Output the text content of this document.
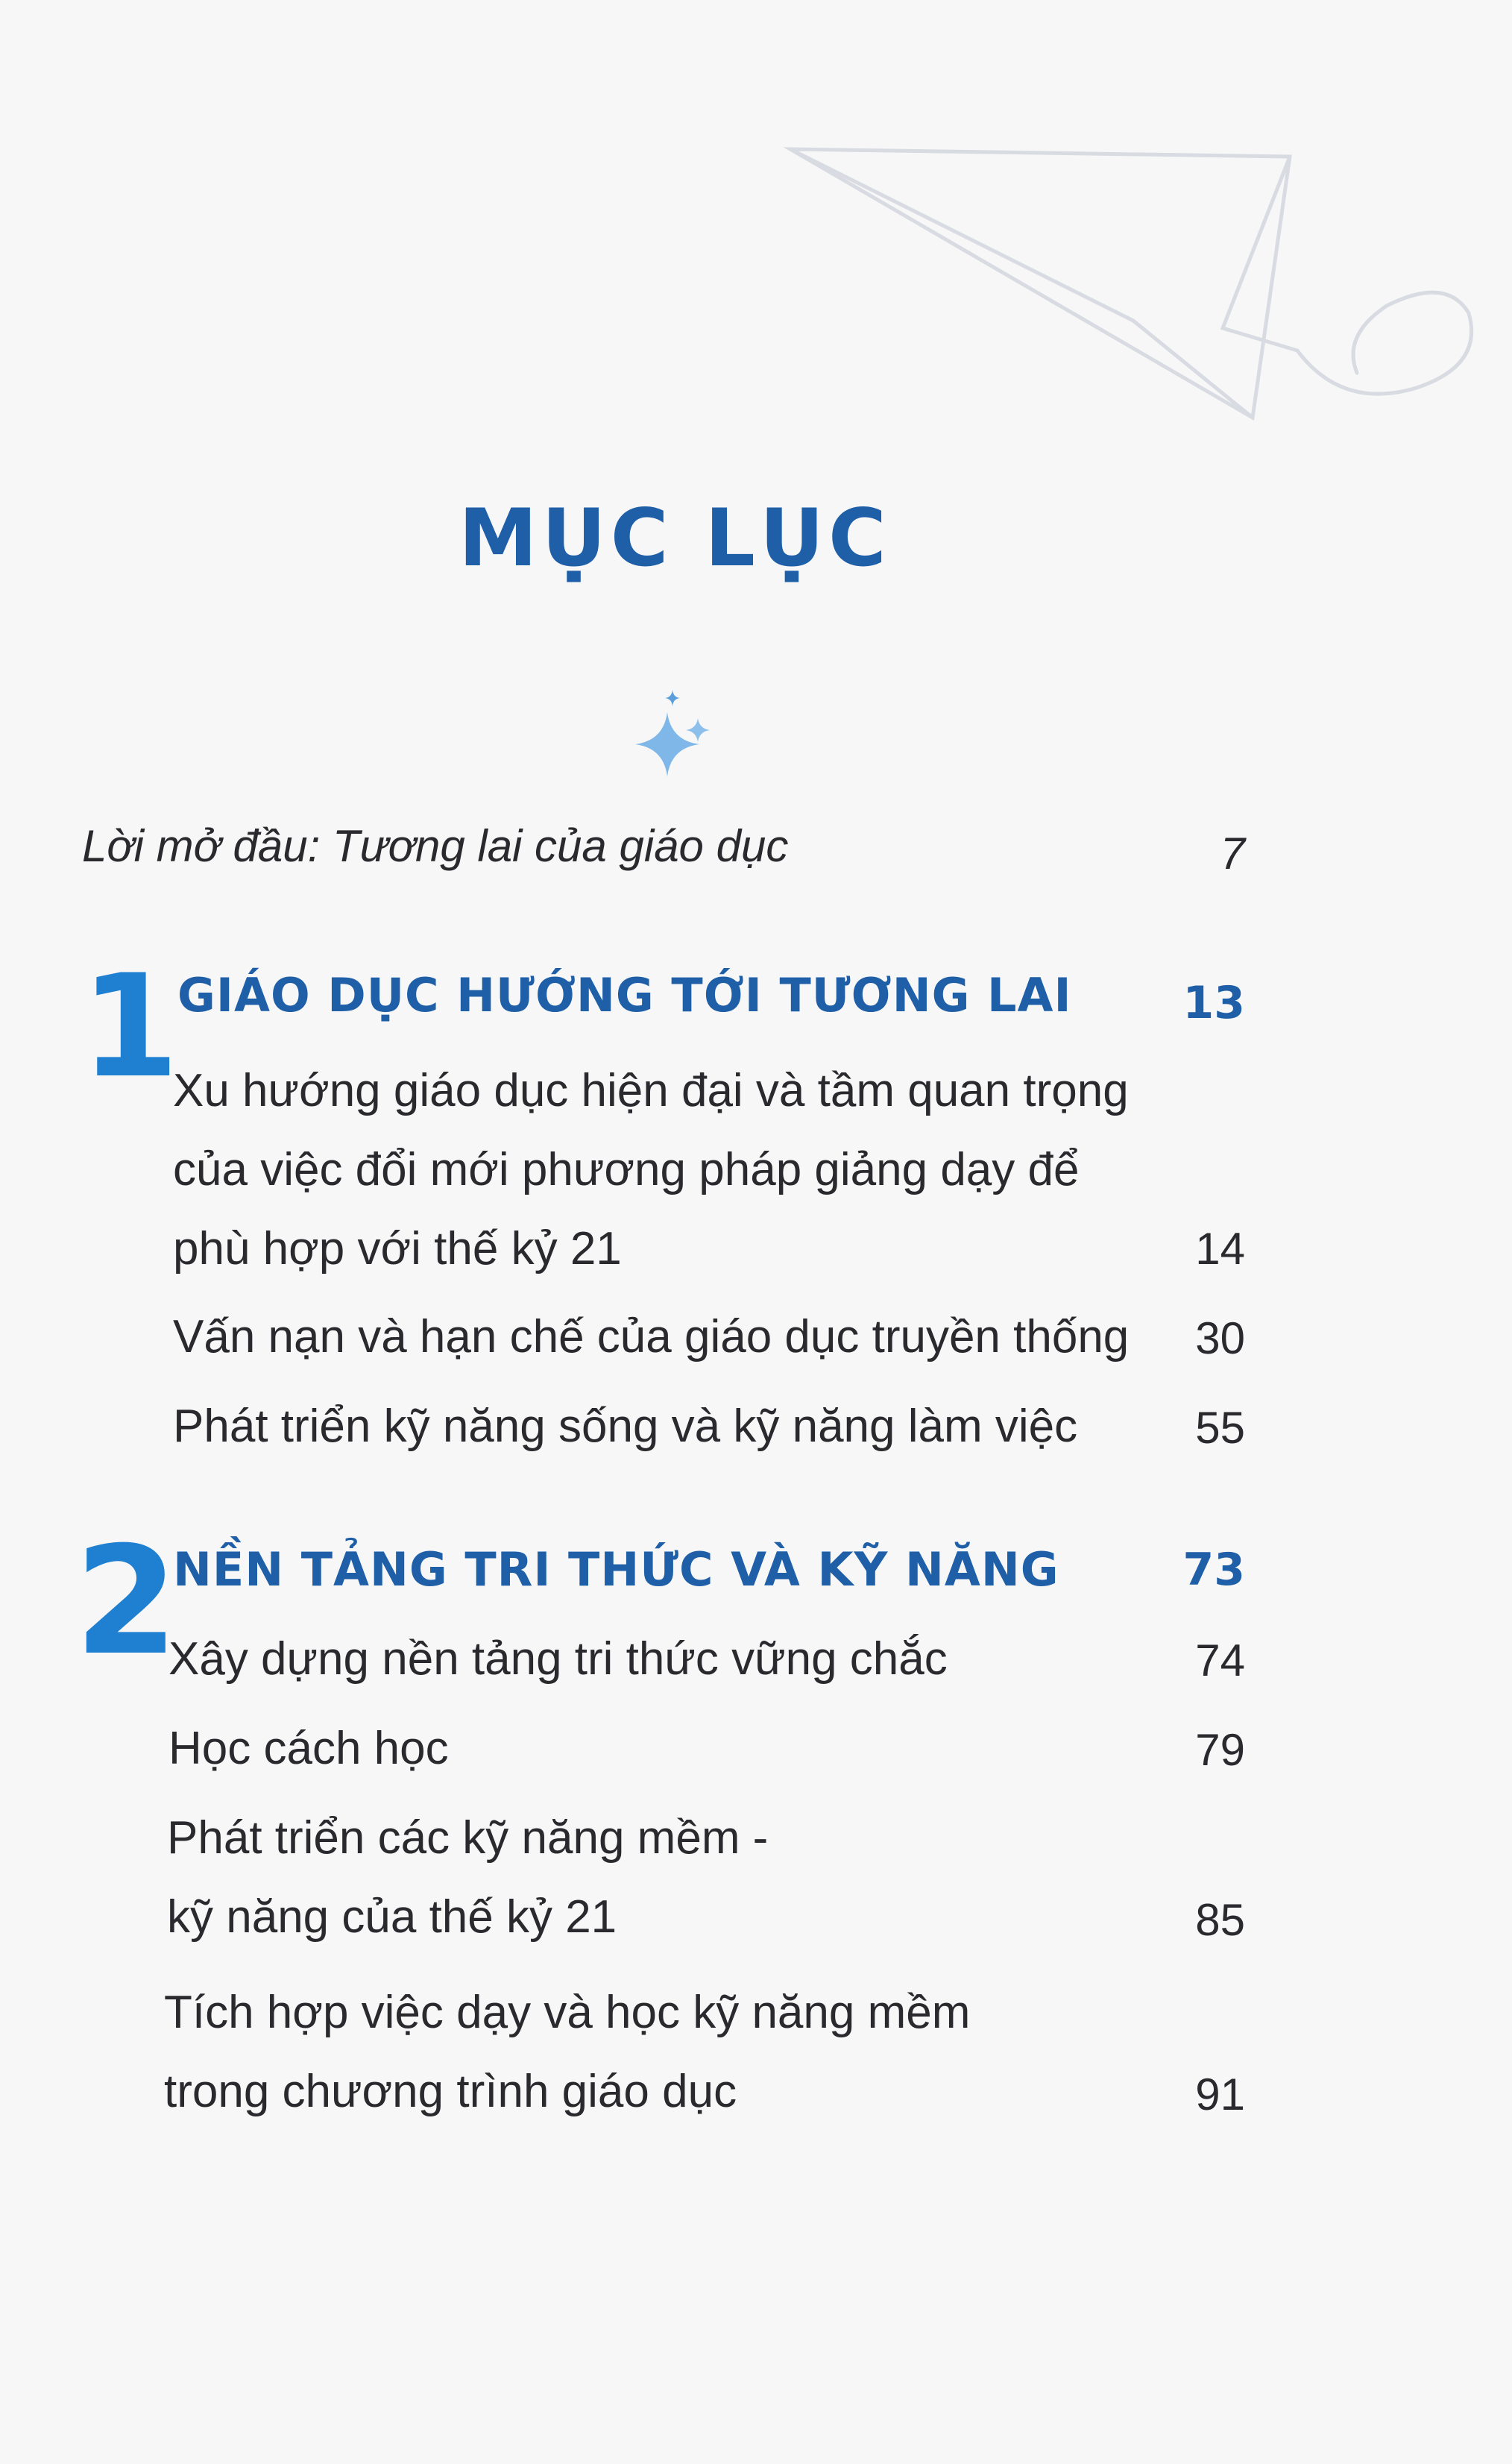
MỤC LỤC
Lời mở đầu: Tương lai của giáo dục	7
1
GIÁO DỤC HƯỚNG TỚI TƯƠNG LAI	13
Xu hướng giáo dục hiện đại và tầm quan trọng
của việc đổi mới phương pháp giảng dạy để
phù hợp với thế kỷ 21	14
Vấn nạn và hạn chế của giáo dục truyền thống	30
Phát triển kỹ năng sống và kỹ năng làm việc	55
2
NỀN TẢNG TRI THỨC VÀ KỸ NĂNG	73
Xây dựng nền tảng tri thức vững chắc	74
Học cách học	79
Phát triển các kỹ năng mềm -
kỹ năng của thế kỷ 21	85
Tích hợp việc dạy và học kỹ năng mềm
trong chương trình giáo dục	91
